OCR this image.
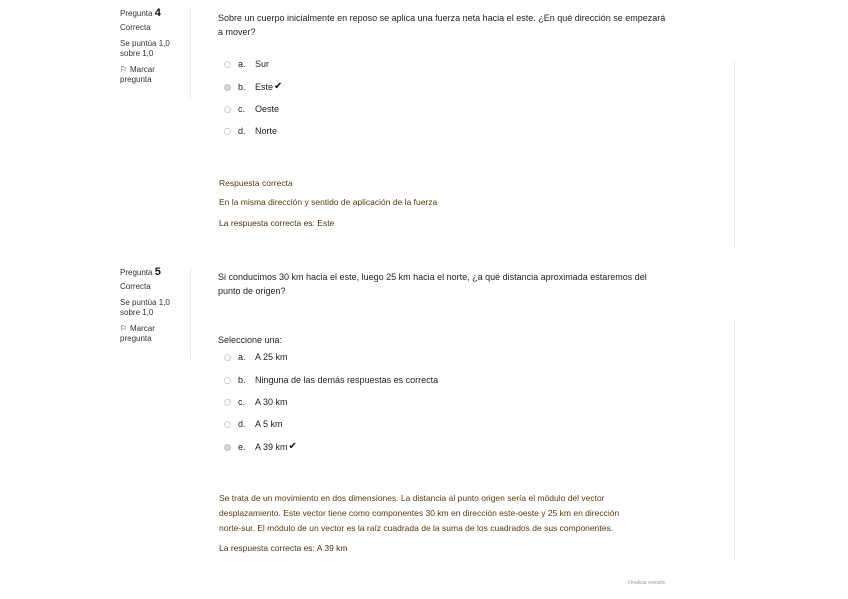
Pregunta 4
Correcta
Se puntúa 1,0
sobre 1,0
⚐ Marcar
pregunta
Sobre un cuerpo inicialmente en reposo se aplica una fuerza neta hacia el este. ¿En qué dirección se empezará
a mover?
a.	Sur
b.	Este ✔
c.	Oeste
d.	Norte
Respuesta correcta
En la misma dirección y sentido de aplicación de la fuerza
La respuesta correcta es: Este
Pregunta 5
Correcta
Se puntúa 1,0
sobre 1,0
⚐ Marcar
pregunta
Si conducimos 30 km hacia el este, luego 25 km hacia el norte, ¿a qué distancia aproximada estaremos del
punto de origen?
Seleccione una:
a.	A 25 km
b.	Ninguna de las demás respuestas es correcta
c.	A 30 km
d.	A 5 km
e.	A 39 km ✔
Se trata de un movimiento en dos dimensiones. La distancia al punto origen sería el módulo del vector
desplazamiento. Este vector tiene como componentes 30 km en dirección este-oeste y 25 km en dirección
norte-sur. El módulo de un vector es la raíz cuadrada de la suma de los cuadrados de sus componentes.
La respuesta correcta es: A 39 km
Finalizar revisión
